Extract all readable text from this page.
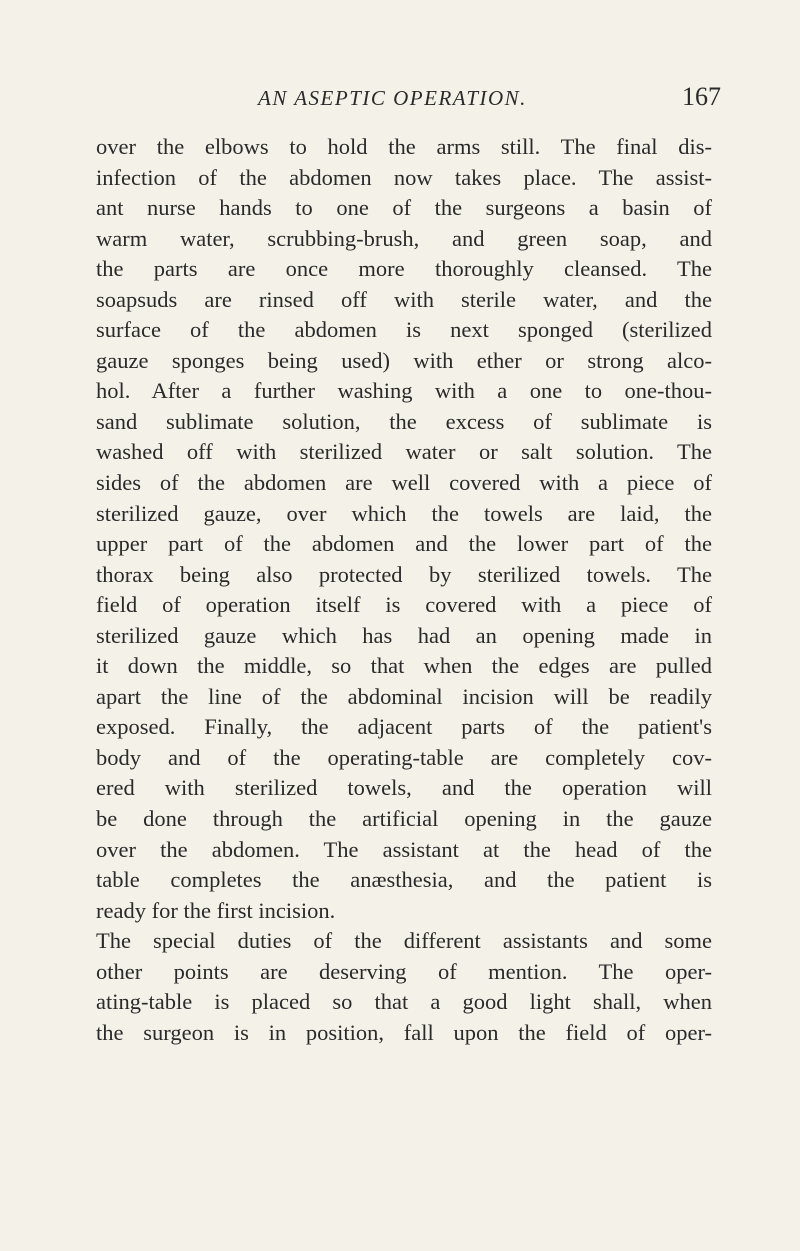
AN ASEPTIC OPERATION.	167
over the elbows to hold the arms still. The final dis-
infection of the abdomen now takes place. The assist-
ant nurse hands to one of the surgeons a basin of
warm water, scrubbing-brush, and green soap, and
the parts are once more thoroughly cleansed. The
soapsuds are rinsed off with sterile water, and the
surface of the abdomen is next sponged (sterilized
gauze sponges being used) with ether or strong alco-
hol. After a further washing with a one to one-thou-
sand sublimate solution, the excess of sublimate is
washed off with sterilized water or salt solution. The
sides of the abdomen are well covered with a piece of
sterilized gauze, over which the towels are laid, the
upper part of the abdomen and the lower part of the
thorax being also protected by sterilized towels. The
field of operation itself is covered with a piece of
sterilized gauze which has had an opening made in
it down the middle, so that when the edges are pulled
apart the line of the abdominal incision will be readily
exposed. Finally, the adjacent parts of the patient's
body and of the operating-table are completely cov-
ered with sterilized towels, and the operation will
be done through the artificial opening in the gauze
over the abdomen. The assistant at the head of the
table completes the anæsthesia, and the patient is
ready for the first incision.
The special duties of the different assistants and some
other points are deserving of mention. The oper-
ating-table is placed so that a good light shall, when
the surgeon is in position, fall upon the field of oper-
